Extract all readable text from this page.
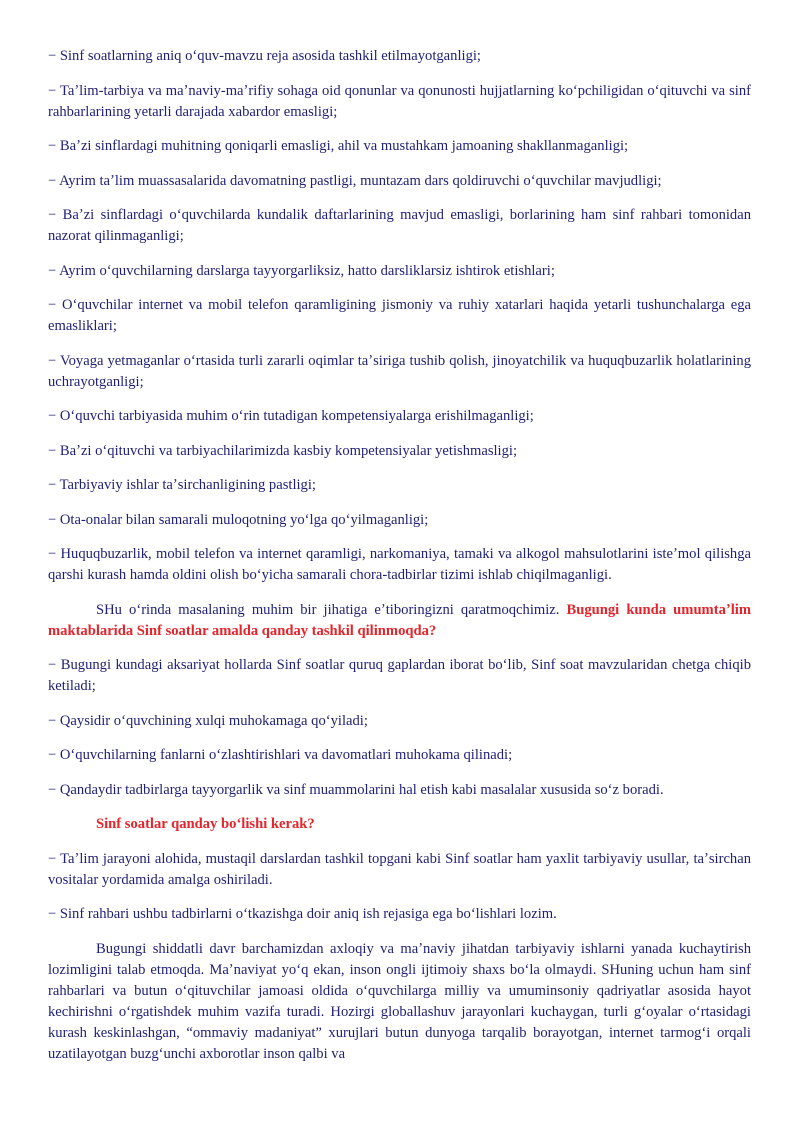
− Sinf soatlarning aniq oʻquv-mavzu reja asosida tashkil etilmayotganligi;

− Taʼlim-tarbiya va maʼnaviy-maʼrifiy sohaga oid qonunlar va qonunosti hujjatlarning koʻpchiligidan oʻqituvchi va sinf rahbarlarining yetarli darajada xabardor emasligi;

− Baʼzi sinflardagi muhitning qoniqarli emasligi, ahil va mustahkam jamoaning shakllanmaganligi;

− Ayrim taʼlim muassasalarida davomatning pastligi, muntazam dars qoldiruvchi oʻquvchilar mavjudligi;

− Baʼzi sinflardagi oʻquvchilarda kundalik daftarlarining mavjud emasligi, borlarining ham sinf rahbari tomonidan nazorat qilinmaganligi;

− Ayrim oʻquvchilarning darslarga tayyorgarliksiz, hatto darsliklarsiz ishtirok etishlari;

− Oʻquvchilar internet va mobil telefon qaramligining jismoniy va ruhiy xatarlari haqida yetarli tushunchalarga ega emasliklari;

− Voyaga yetmaganlar oʻrtasida turli zararli oqimlar taʼsiriga tushib qolish, jinoyatchilik va huquqbuzarlik holatlarining uchrayotganligi;

− Oʻquvchi tarbiyasida muhim oʻrin tutadigan kompetensiyalarga erishilmaganligi;

− Baʼzi oʻqituvchi va tarbiyachilarimizda kasbiy kompetensiyalar yetishmasligi;

− Tarbiyaviy ishlar taʼsirchanligining pastligi;

− Ota-onalar bilan samarali muloqotning yoʻlga qoʻyilmaganligi;

− Huquqbuzarlik, mobil telefon va internet qaramligi, narkomaniya, tamaki va alkogol mahsulotlarini isteʼmol qilishga qarshi kurash hamda oldini olish boʻyicha samarali chora-tadbirlar tizimi ishlab chiqilmaganligi.

SHu oʻrinda masalaning muhim bir jihatiga eʼtiboringizni qaratmoqchimiz. Bugungi kunda umumtaʼlim maktablarida Sinf soatlar amalda qanday tashkil qilinmoqda?

− Bugungi kundagi aksariyat hollarda Sinf soatlar quruq gaplardan iborat boʻlib, Sinf soat mavzularidan chetga chiqib ketiladi;

− Qaysidir oʻquvchining xulqi muhokamaga qoʻyiladi;

− Oʻquvchilarning fanlarni oʻzlashtirishlari va davomatlari muhokama qilinadi;

− Qandaydir tadbirlarga tayyorgarlik va sinf muammolarini hal etish kabi masalalar xususida soʻz boradi.

Sinf soatlar qanday boʻlishi kerak?

− Taʼlim jarayoni alohida, mustaqil darslardan tashkil topgani kabi Sinf soatlar ham yaxlit tarbiyaviy usullar, taʼsirchan vositalar yordamida amalga oshiriladi.

− Sinf rahbari ushbu tadbirlarni oʻtkazishga doir aniq ish rejasiga ega boʻlishlari lozim.

Bugungi shiddatli davr barchamizdan axloqiy va maʼnaviy jihatdan tarbiyaviy ishlarni yanada kuchaytirish lozimligini talab etmoqda. Maʼnaviyat yoʻq ekan, inson ongli ijtimoiy shaxs boʻla olmaydi. SHuning uchun ham sinf rahbarlari va butun oʻqituvchilar jamoasi oldida oʻquvchilarga milliy va umuminsoniy qadriyatlar asosida hayot kechirishni oʻrgatishdek muhim vazifa turadi. Hozirgi globallashuv jarayonlari kuchaygan, turli gʻoyalar oʻrtasidagi kurash keskinlashgan, “ommaviy madaniyat” xurujlari butun dunyoga tarqalib borayotgan, internet tarmogʻi orqali uzatilayotgan buzgʻunchi axborotlar inson qalbi va
